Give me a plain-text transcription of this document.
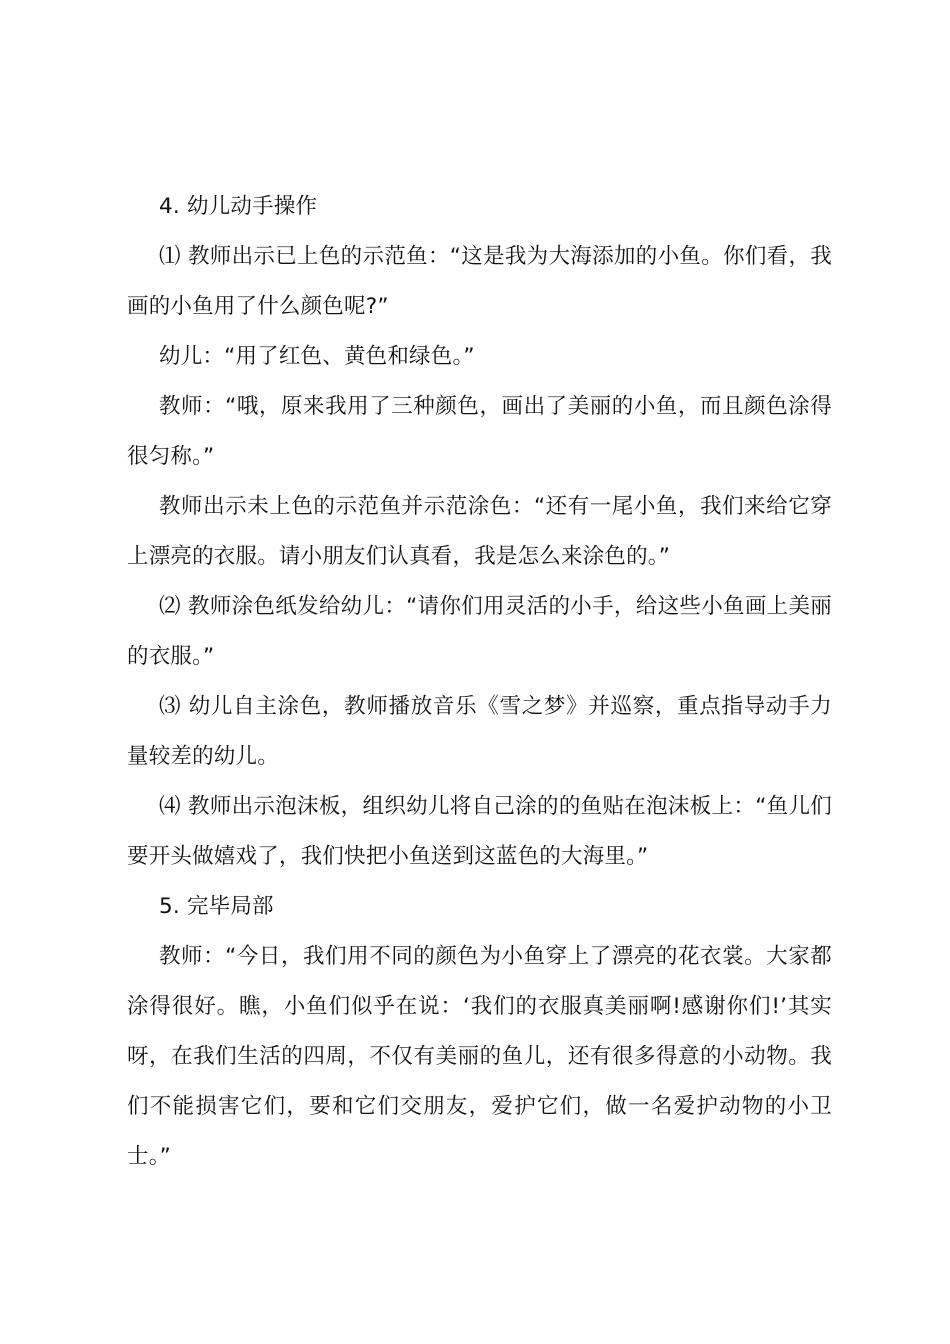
4. 幼儿动手操作

⑴ 教师出示已上色的示范鱼：“这是我为大海添加的小鱼。你们看，我画的小鱼用了什么颜色呢?”

幼儿：“用了红色、黄色和绿色。”

教师：“哦，原来我用了三种颜色，画出了美丽的小鱼，而且颜色涂得很匀称。”

教师出示未上色的示范鱼并示范涂色：“还有一尾小鱼，我们来给它穿上漂亮的衣服。请小朋友们认真看，我是怎么来涂色的。”

⑵ 教师涂色纸发给幼儿：“请你们用灵活的小手，给这些小鱼画上美丽的衣服。”

⑶ 幼儿自主涂色，教师播放音乐《雪之梦》并巡察，重点指导动手力量较差的幼儿。

⑷ 教师出示泡沫板，组织幼儿将自己涂的的鱼贴在泡沫板上：“鱼儿们要开头做嬉戏了，我们快把小鱼送到这蓝色的大海里。”

5. 完毕局部

教师：“今日，我们用不同的颜色为小鱼穿上了漂亮的花衣裳。大家都涂得很好。瞧，小鱼们似乎在说：‘我们的衣服真美丽啊!感谢你们!’其实呀，在我们生活的四周，不仅有美丽的鱼儿，还有很多得意的小动物。我们不能损害它们，要和它们交朋友，爱护它们，做一名爱护动物的小卫士。”
